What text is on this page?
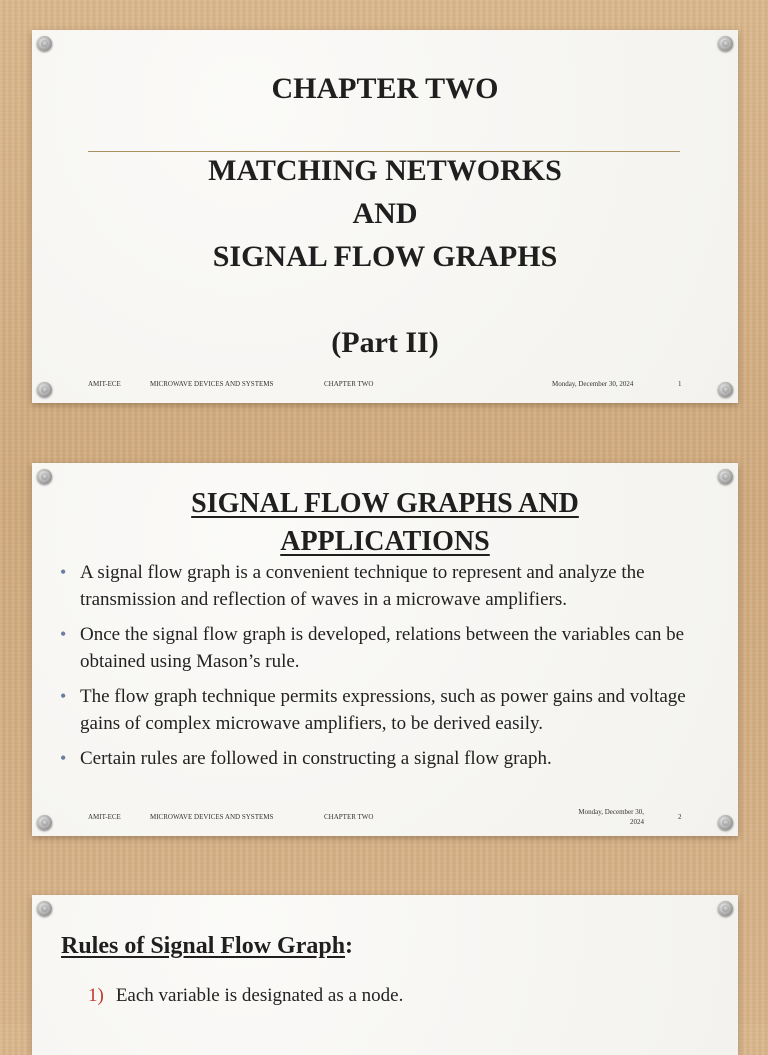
CHAPTER TWO
MATCHING NETWORKS
AND
SIGNAL FLOW GRAPHS
(Part II)
AMIT-ECE	MICROWAVE DEVICES AND SYSTEMS	CHAPTER TWO	Monday, December 30, 2024	1
SIGNAL FLOW GRAPHS AND
APPLICATIONS
• A signal flow graph is a convenient technique to represent and analyze the transmission and reflection of waves in a microwave amplifiers.
• Once the signal flow graph is developed, relations between the variables can be obtained using Mason’s rule.
• The flow graph technique permits expressions, such as power gains and voltage gains of complex microwave amplifiers, to be derived easily.
• Certain rules are followed in constructing a signal flow graph.
AMIT-ECE	MICROWAVE DEVICES AND SYSTEMS	CHAPTER TWO
Monday, December 30,
2024
2
Rules of Signal Flow Graph:
1) Each variable is designated as a node.
